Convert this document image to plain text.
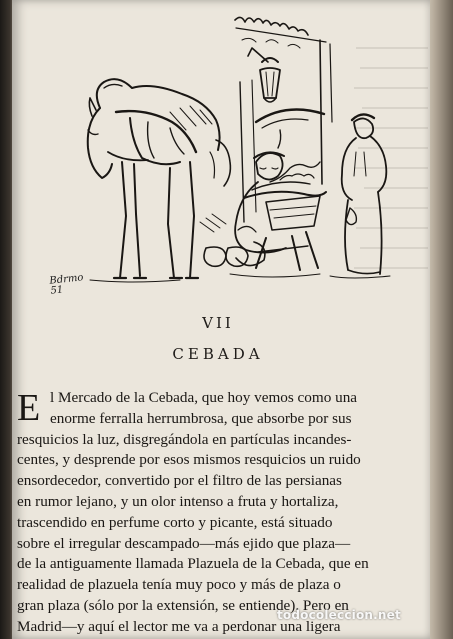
Bdrmo
51
VII
CEBADA
E l Mercado de la Cebada, que hoy vemos como una
enorme ferralla herrumbrosa, que absorbe por sus
resquicios la luz, disgregándola en partículas incandes-
centes, y desprende por esos mismos resquicios un ruido
ensordecedor, convertido por el filtro de las persianas
en rumor lejano, y un olor intenso a fruta y hortaliza,
trascendido en perfume corto y picante, está situado
sobre el irregular descampado—más ejido que plaza—
de la antiguamente llamada Plazuela de la Cebada, que en
realidad de plazuela tenía muy poco y más de plaza o
gran plaza (sólo por la extensión, se entiende). Pero en
Madrid—y aquí el lector me va a perdonar una ligera
todocoleccion.net
